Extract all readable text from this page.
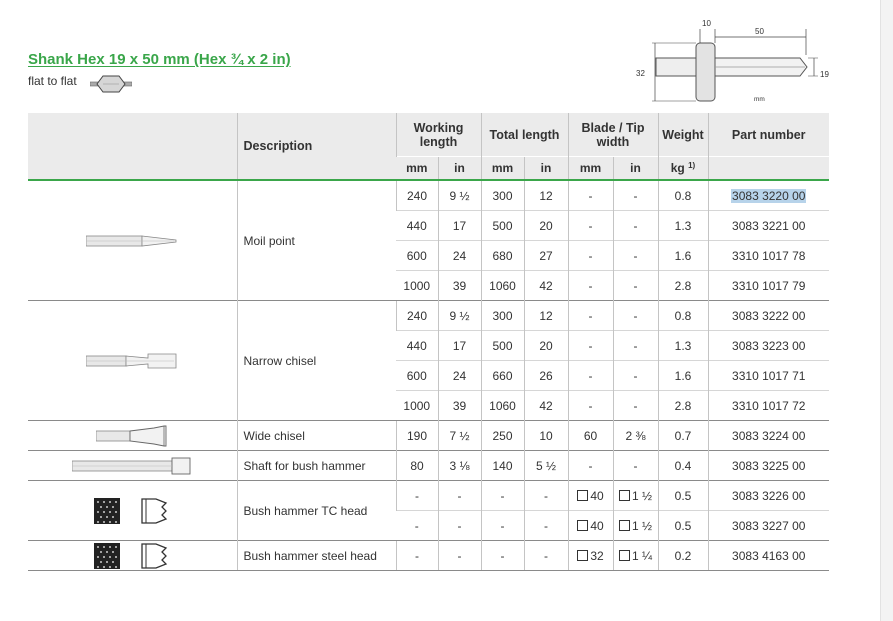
Shank Hex 19 x 50 mm (Hex ¾ x 2 in)
flat to flat
10
50
32	19
mm
	Description	Working length		Total length		Blade / Tip width		Weight	Part number
		mm	in	mm	in	mm	in	kg $^{1)}$	

	Moil point	240	9 ½	300	12	-	-	0.8	3083 3220 00
		440	17	500	20	-	-	1.3	3083 3221 00
		600	24	680	27	-	-	1.6	3310 1017 78
		1000	39	1060	42	-	-	2.8	3310 1017 79

	Narrow chisel	240	9 ½	300	12	-	-	0.8	3083 3222 00
		440	17	500	20	-	-	1.3	3083 3223 00
		600	24	660	26	-	-	1.6	3310 1017 71
		1000	39	1060	42	-	-	2.8	3310 1017 72

	Wide chisel	190	7 ½	250	10	60	2 ⅜	0.7	3083 3224 00

	Shaft for bush hammer	80	3 ⅛	140	5 ½	-	-	0.4	3083 3225 00

	Bush hammer TC head	-	-	-	-	40	1 ½	0.5	3083 3226 00
		-	-	-	-	40	1 ½	0.5	3083 3227 00

	Bush hammer steel head	-	-	-	-	32	1 ¼	0.2	3083 4163 00
